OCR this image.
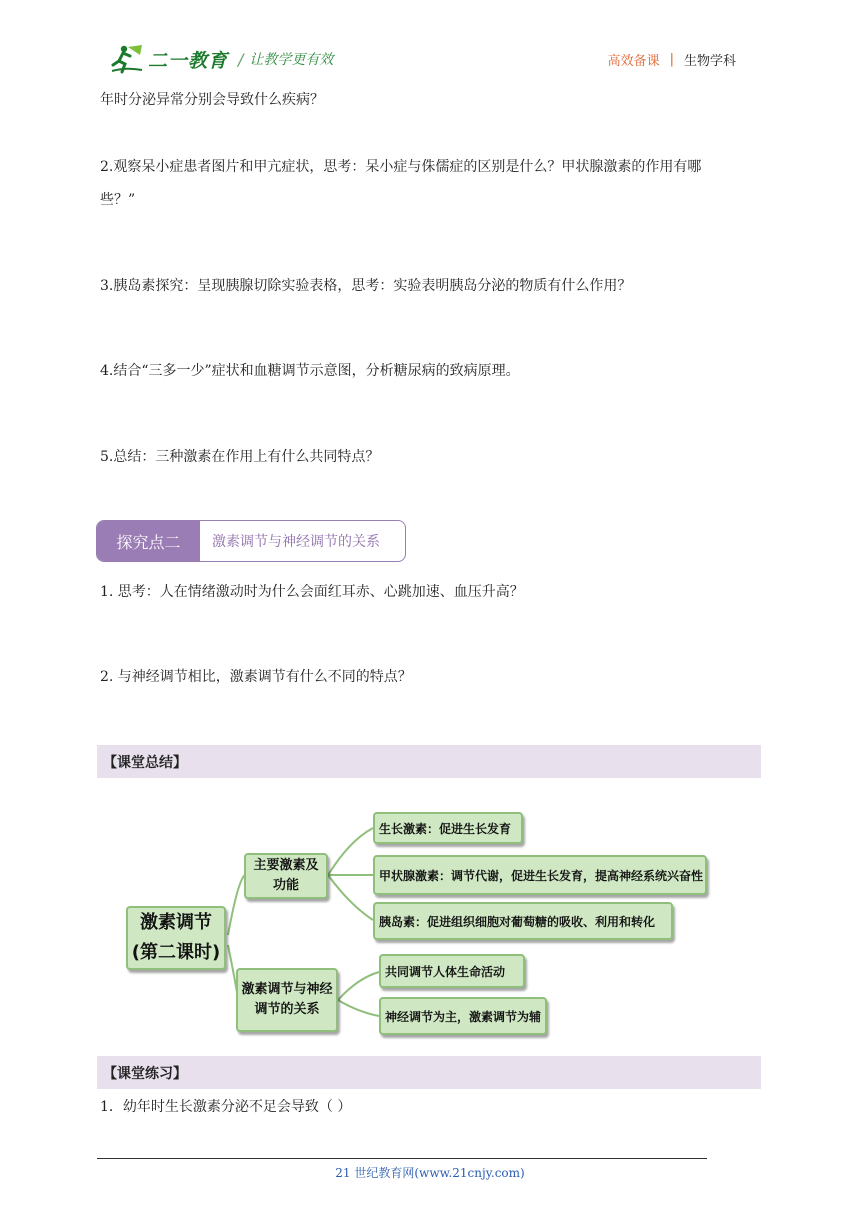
二一教育 / 让教学更有效	高效备课 | 生物学科
年时分泌异常分别会导致什么疾病？
2.观察呆小症患者图片和甲亢症状，思考：呆小症与侏儒症的区别是什么？甲状腺激素的作用有哪
些？”
3.胰岛素探究：呈现胰腺切除实验表格，思考：实验表明胰岛分泌的物质有什么作用？
4.结合“三多一少”症状和血糖调节示意图，分析糖尿病的致病原理。
5.总结：三种激素在作用上有什么共同特点？
探究点二	激素调节与神经调节的关系
1. 思考：人在情绪激动时为什么会面红耳赤、心跳加速、血压升高？
2. 与神经调节相比，激素调节有什么不同的特点？
【课堂总结】
激素调节
(第二课时)
主要激素及
功能
激素调节与神经
调节的关系
生长激素：促进生长发育
甲状腺激素：调节代谢，促进生长发育，提高神经系统兴奋性
胰岛素：促进组织细胞对葡萄糖的吸收、利用和转化
共同调节人体生命活动
神经调节为主，激素调节为辅
【课堂练习】
1．幼年时生长激素分泌不足会导致（ ）
21 世纪教育网(www.21cnjy.com)
